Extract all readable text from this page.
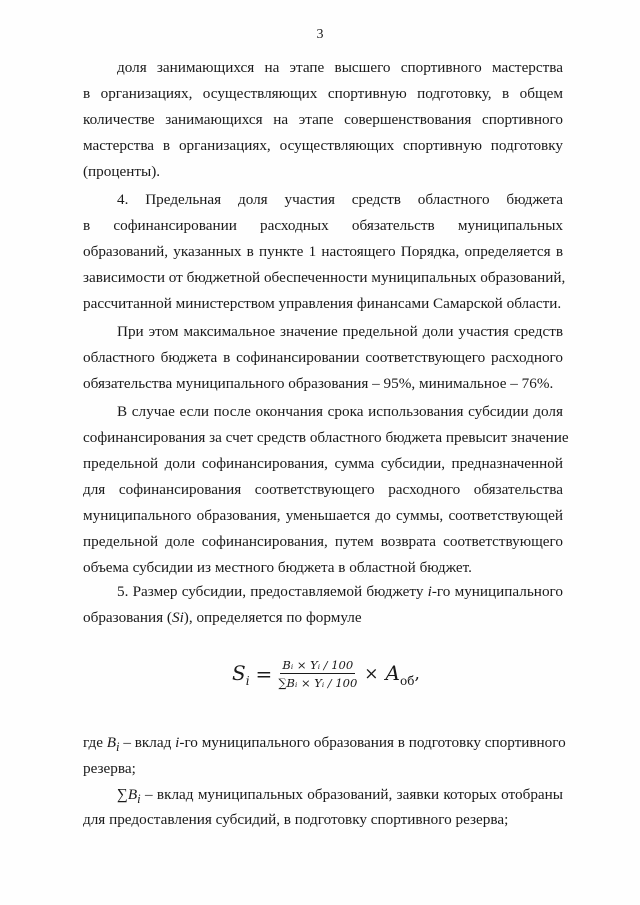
3
доля занимающихся на этапе высшего спортивного мастерства
в организациях, осуществляющих спортивную подготовку, в общем
количестве занимающихся на этапе совершенствования спортивного
мастерства в организациях, осуществляющих спортивную подготовку
(проценты).
4. Предельная доля участия средств областного бюджета
в софинансировании расходных обязательств муниципальных
образований, указанных в пункте 1 настоящего Порядка, определяется в
зависимости от бюджетной обеспеченности муниципальных образований,
рассчитанной министерством управления финансами Самарской области.
При этом максимальное значение предельной доли участия средств
областного бюджета в софинансировании соответствующего расходного
обязательства муниципального образования – 95%, минимальное – 76%.
В случае если после окончания срока использования субсидии доля
софинансирования за счет средств областного бюджета превысит значение
предельной доли софинансирования, сумма субсидии, предназначенной
для софинансирования соответствующего расходного обязательства
муниципального образования, уменьшается до суммы, соответствующей
предельной доле софинансирования, путем возврата соответствующего
объема субсидии из местного бюджета в областной бюджет.
5. Размер субсидии, предоставляемой бюджету i-го муниципального
образования (Si), определяется по формуле
$S_i = \frac{\text{Bᵢ × Yᵢ / 100}}{\text{∑Bᵢ × Yᵢ / 100}} \times A_{об}$ ,
где $B_i$ – вклад i-го муниципального образования в подготовку спортивного
резерва;
$\sum B_i$ – вклад муниципальных образований, заявки которых отобраны
для предоставления субсидий, в подготовку спортивного резерва;
